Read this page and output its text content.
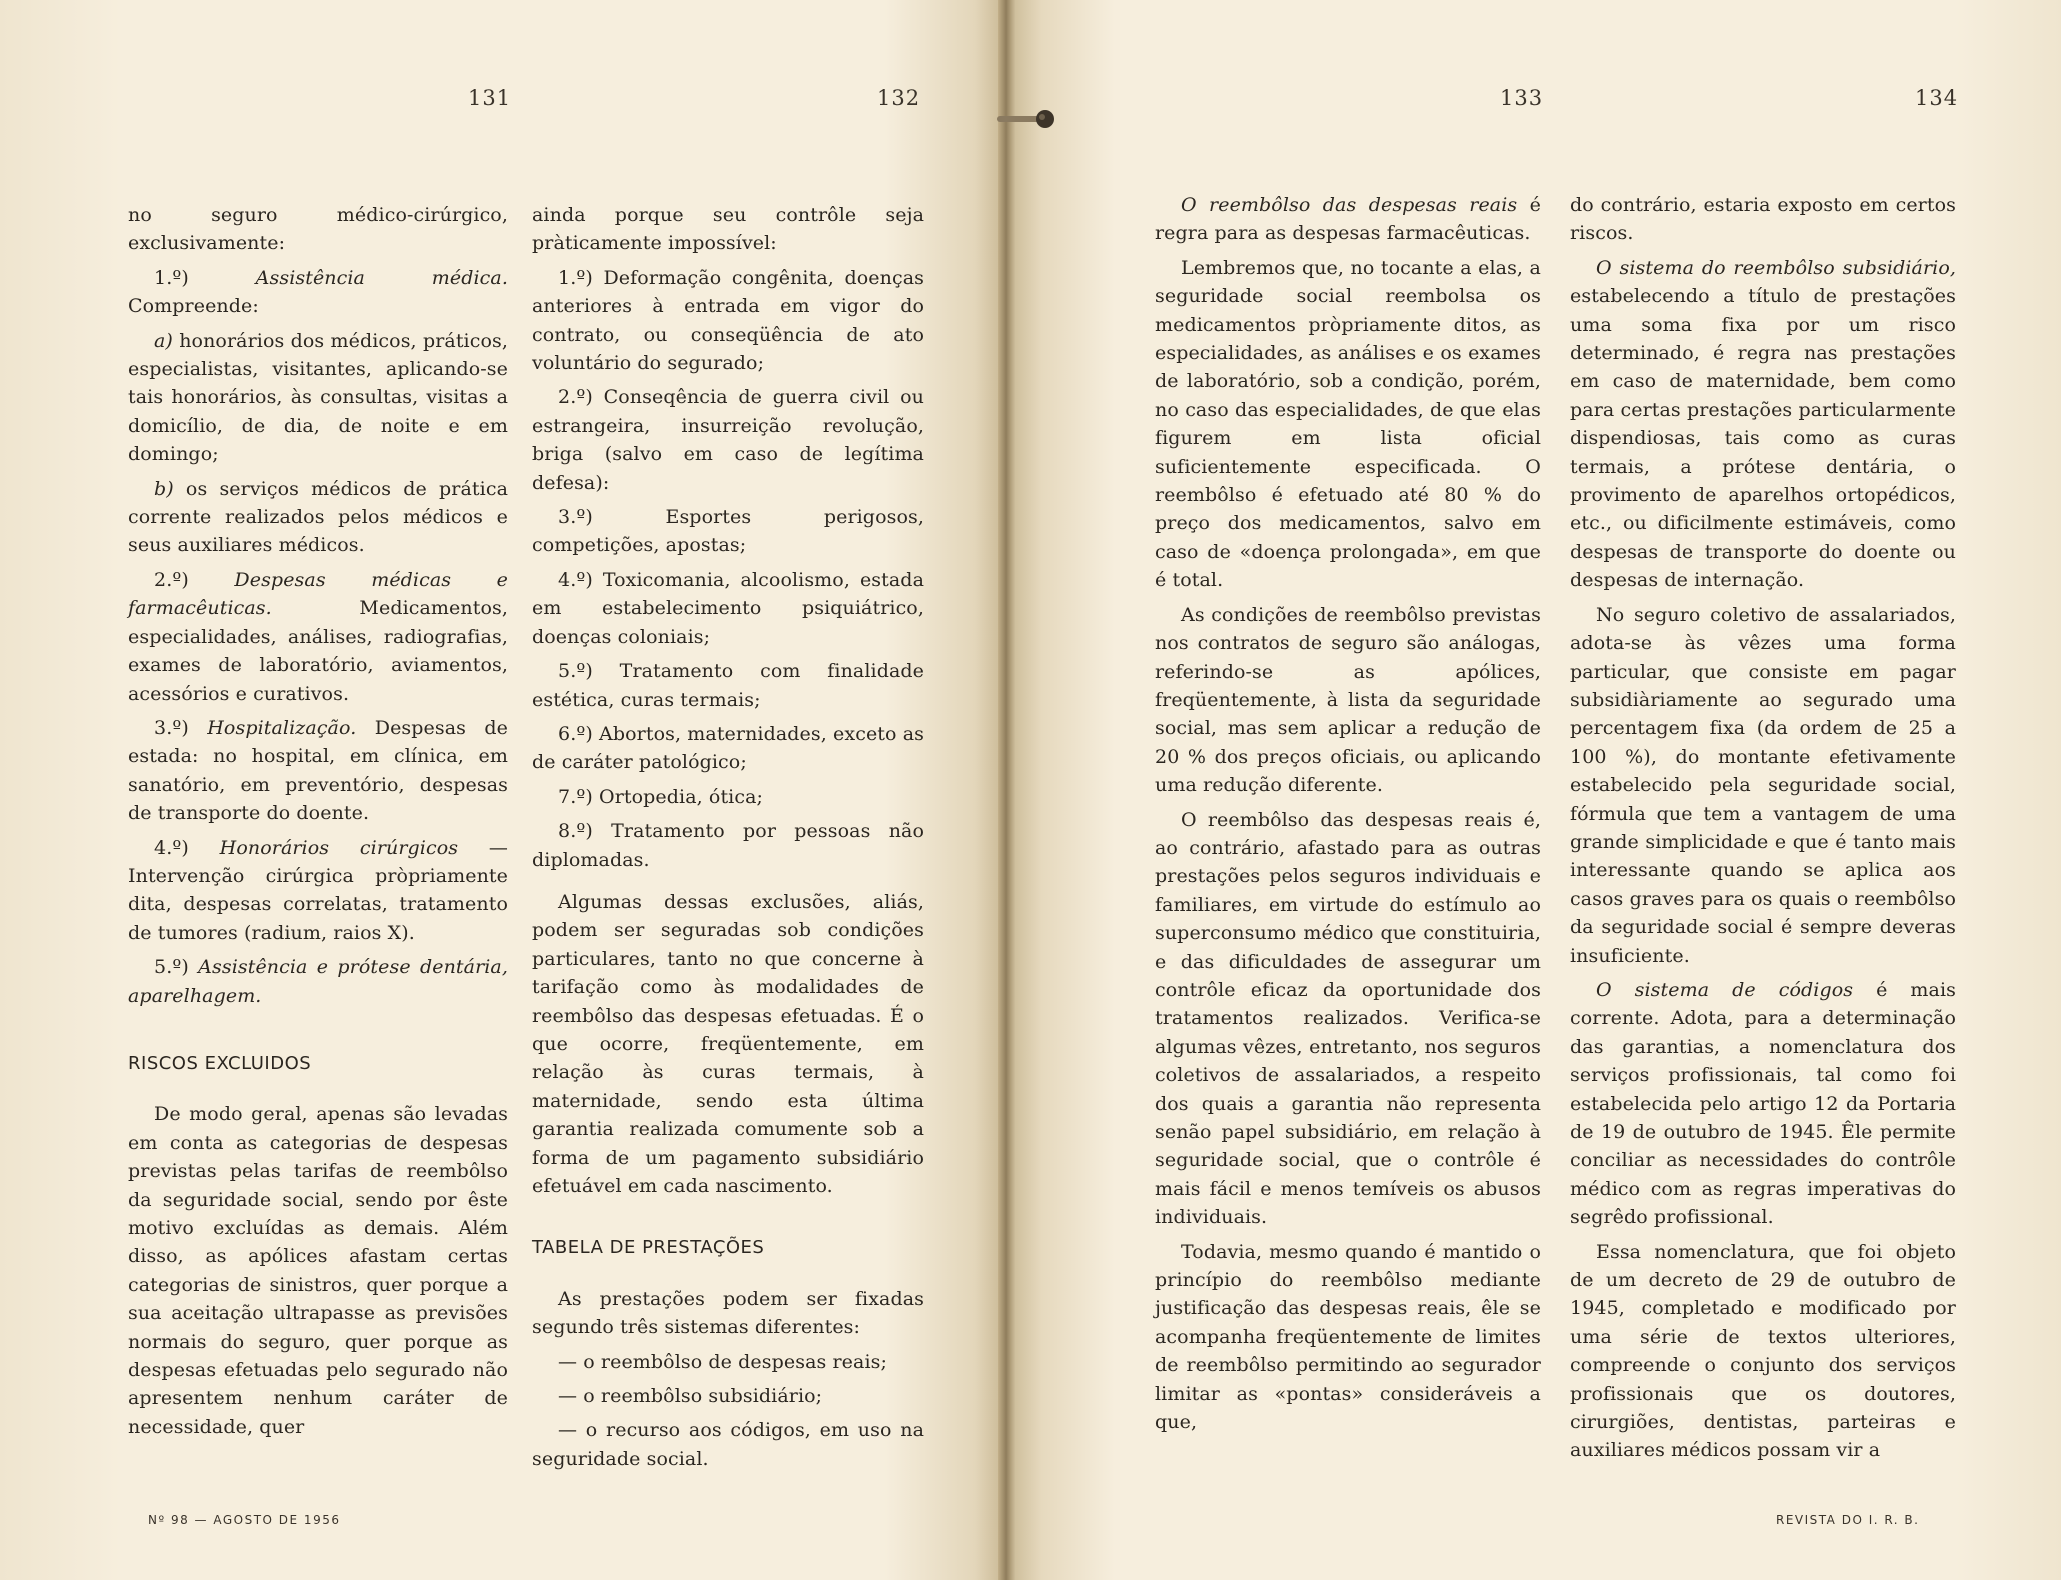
131	132	133	134

no seguro médico-cirúrgico, exclusivamente:

1.º)	Assistência médica. Compreende:

a) honorários dos médicos, práticos, especialistas, visitantes, aplicando-se tais honorários, às consultas, visitas a domicílio, de dia, de noite e em domingo;

b) os serviços médicos de prática corrente realizados pelos médicos e seus auxiliares médicos.

2.º) Despesas médicas e farmacêuticas. Medicamentos, especialidades, análises, radiografias, exames de laboratório, aviamentos, acessórios e curativos.

3.º) Hospitalização. Despesas de estada: no hospital, em clínica, em sanatório, em preventório, despesas de transporte do doente.

4.º) Honorários cirúrgicos — Intervenção cirúrgica pròpriamente dita, despesas correlatas, tratamento de tumores (radium, raios X).

5.º) Assistência e prótese dentária, aparelhagem.

RISCOS EXCLUIDOS

De modo geral, apenas são levadas em conta as categorias de despesas previstas pelas tarifas de reembôlso da seguridade social, sendo por êste motivo excluídas as demais. Além disso, as apólices afastam certas categorias de sinistros, quer porque a sua aceitação ultrapasse as previsões normais do seguro, quer porque as despesas efetuadas pelo segurado não apresentem nenhum caráter de necessidade, quer

ainda porque seu contrôle seja pràticamente impossível:

1.º) Deformação congênita, doenças anteriores à entrada em vigor do contrato, ou conseqüência de ato voluntário do segurado;

2.º) Conseqência de guerra civil ou estrangeira, insurreição revolução, briga (salvo em caso de legítima defesa):

3.º) Esportes perigosos, competições, apostas;

4.º) Toxicomania, alcoolismo, estada em estabelecimento psiquiátrico, doenças coloniais;

5.º) Tratamento com finalidade estética, curas termais;

6.º) Abortos, maternidades, exceto as de caráter patológico;

7.º) Ortopedia, ótica;

8.º) Tratamento por pessoas não diplomadas.

Algumas dessas exclusões, aliás, podem ser seguradas sob condições particulares, tanto no que concerne à tarifação como às modalidades de reembôlso das despesas efetuadas. É o que ocorre, freqüentemente, em relação às curas termais, à maternidade, sendo esta última garantia realizada comumente sob a forma de um pagamento subsidiário efetuável em cada nascimento.

TABELA DE PRESTAÇÕES

As prestações podem ser fixadas segundo três sistemas diferentes:

— o reembôlso de despesas reais;

— o reembôlso subsidiário;

— o recurso aos códigos, em uso na seguridade social.

O reembôlso das despesas reais é regra para as despesas farmacêuticas.

Lembremos que, no tocante a elas, a seguridade social reembolsa os medicamentos pròpriamente ditos, as especialidades, as análises e os exames de laboratório, sob a condição, porém, no caso das especialidades, de que elas figurem em lista oficial suficientemente especificada. O reembôlso é efetuado até 80 % do preço dos medicamentos, salvo em caso de «doença prolongada», em que é total.

As condições de reembôlso previstas nos contratos de seguro são análogas, referindo-se as apólices, freqüentemente, à lista da seguridade social, mas sem aplicar a redução de 20 % dos preços oficiais, ou aplicando uma redução diferente.

O reembôlso das despesas reais é, ao contrário, afastado para as outras prestações pelos seguros individuais e familiares, em virtude do estímulo ao superconsumo médico que constituiria, e das dificuldades de assegurar um contrôle eficaz da oportunidade dos tratamentos realizados. Verifica-se algumas vêzes, entretanto, nos seguros coletivos de assalariados, a respeito dos quais a garantia não representa senão papel subsidiário, em relação à seguridade social, que o contrôle é mais fácil e menos temíveis os abusos individuais.

Todavia, mesmo quando é mantido o princípio do reembôlso mediante justificação das despesas reais, êle se acompanha freqüentemente de limites de reembôlso permitindo ao segurador limitar as «pontas» consideráveis a que,

do contrário, estaria exposto em certos riscos.

O sistema do reembôlso subsidiário, estabelecendo a título de prestações uma soma fixa por um risco determinado, é regra nas prestações em caso de maternidade, bem como para certas prestações particularmente dispendiosas, tais como as curas termais, a prótese dentária, o provimento de aparelhos ortopédicos, etc., ou dificilmente estimáveis, como despesas de transporte do doente ou despesas de internação.

No seguro coletivo de assalariados, adota-se às vêzes uma forma particular, que consiste em pagar subsidiàriamente ao segurado uma percentagem fixa (da ordem de 25 a 100 %), do montante efetivamente estabelecido pela seguridade social, fórmula que tem a vantagem de uma grande simplicidade e que é tanto mais interessante quando se aplica aos casos graves para os quais o reembôlso da seguridade social é sempre deveras insuficiente.

O sistema de códigos é mais corrente. Adota, para a determinação das garantias, a nomenclatura dos serviços profissionais, tal como foi estabelecida pelo artigo 12 da Portaria de 19 de outubro de 1945. Êle permite conciliar as necessidades do contrôle médico com as regras imperativas do segrêdo profissional.

Essa nomenclatura, que foi objeto de um decreto de 29 de outubro de 1945, completado e modificado por uma série de textos ulteriores, compreende o conjunto dos serviços profissionais que os doutores, cirurgiões, dentistas, parteiras e auxiliares médicos possam vir a

Nº 98 — AGOSTO DE 1956	REVISTA DO I. R. B.
